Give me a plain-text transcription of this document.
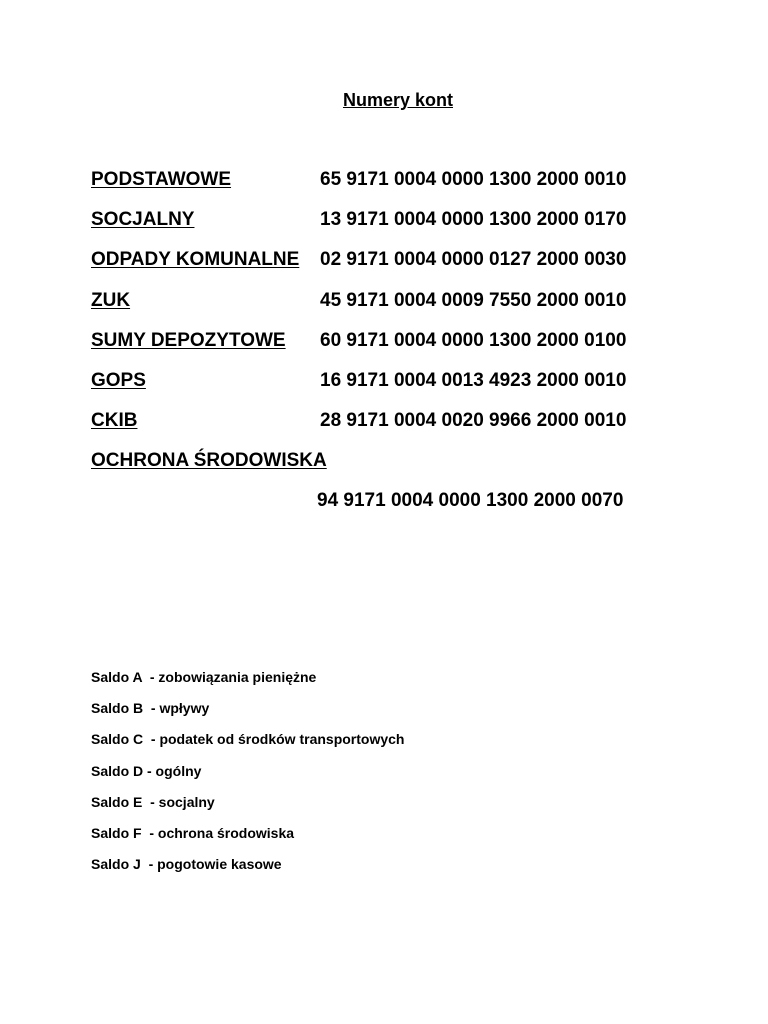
Numery kont
PODSTAWOWE	65 9171 0004 0000 1300 2000 0010
SOCJALNY	13 9171 0004 0000 1300 2000 0170
ODPADY KOMUNALNE 02 9171 0004 0000 0127 2000 0030
ZUK	45 9171 0004 0009 7550 2000 0010
SUMY DEPOZYTOWE 60 9171 0004 0000 1300 2000 0100
GOPS	16 9171 0004 0013 4923 2000 0010
CKIB	28 9171 0004 0020 9966 2000 0010
OCHRONA ŚRODOWISKA
94 9171 0004 0000 1300 2000 0070
Saldo A  - zobowiązania pieniężne
Saldo B  - wpływy
Saldo C  - podatek od środków transportowych
Saldo D - ogólny
Saldo E  - socjalny
Saldo F  - ochrona środowiska
Saldo J  - pogotowie kasowe
